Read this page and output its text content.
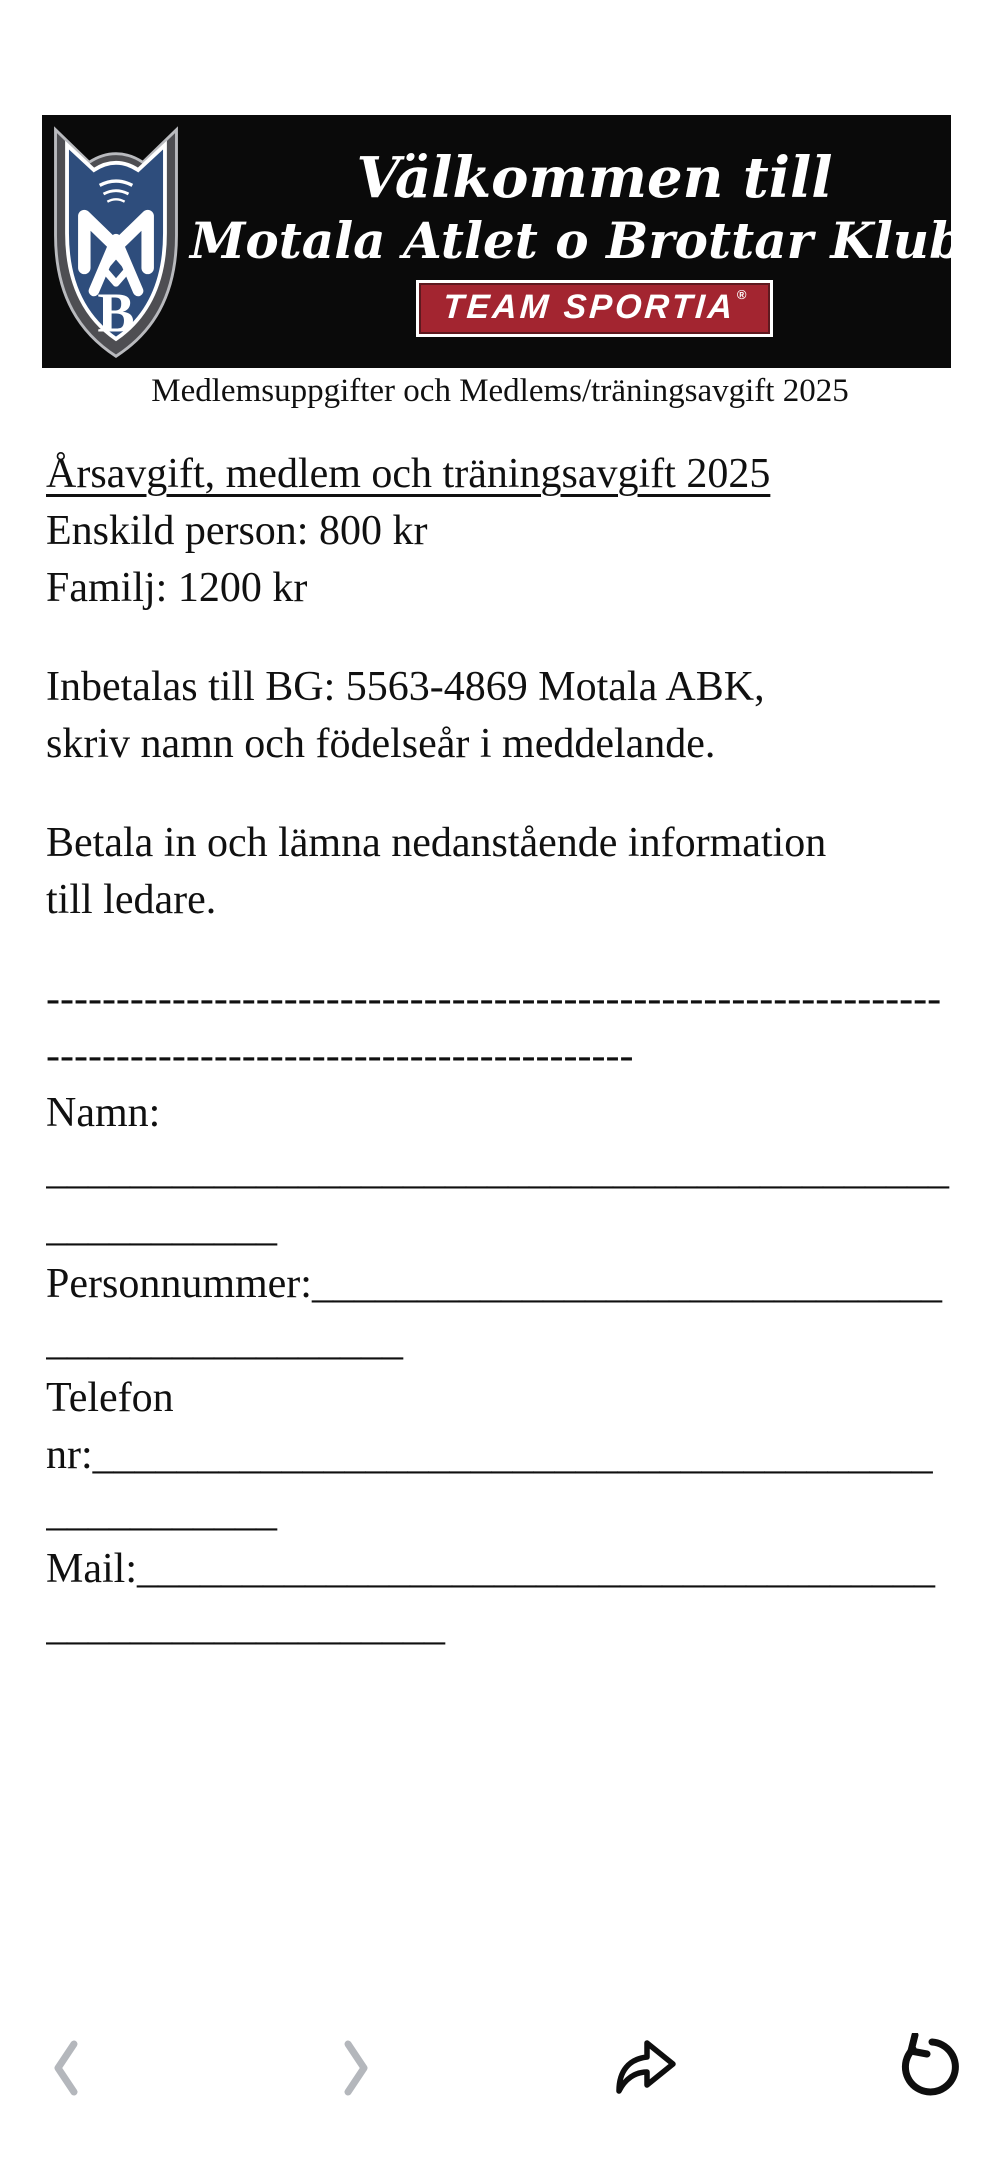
B
Välkommen till
Motala Atlet o Brottar Klubb
TEAM SPORTIA ®
Medlemsuppgifter och Medlems/träningsavgift 2025
Årsavgift, medlem och träningsavgift 2025
Enskild person: 800 kr
Familj: 1200 kr
Inbetalas till BG: 5563-4869 Motala ABK,
skriv namn och födelseår i meddelande.
Betala in och lämna nedanstående information
till ledare.
----------------------------------------------------------------
------------------------------------------
Namn:
___________________________________________
___________
Personnummer:______________________________
_________________
Telefon
nr:________________________________________
___________
Mail:______________________________________
___________________
